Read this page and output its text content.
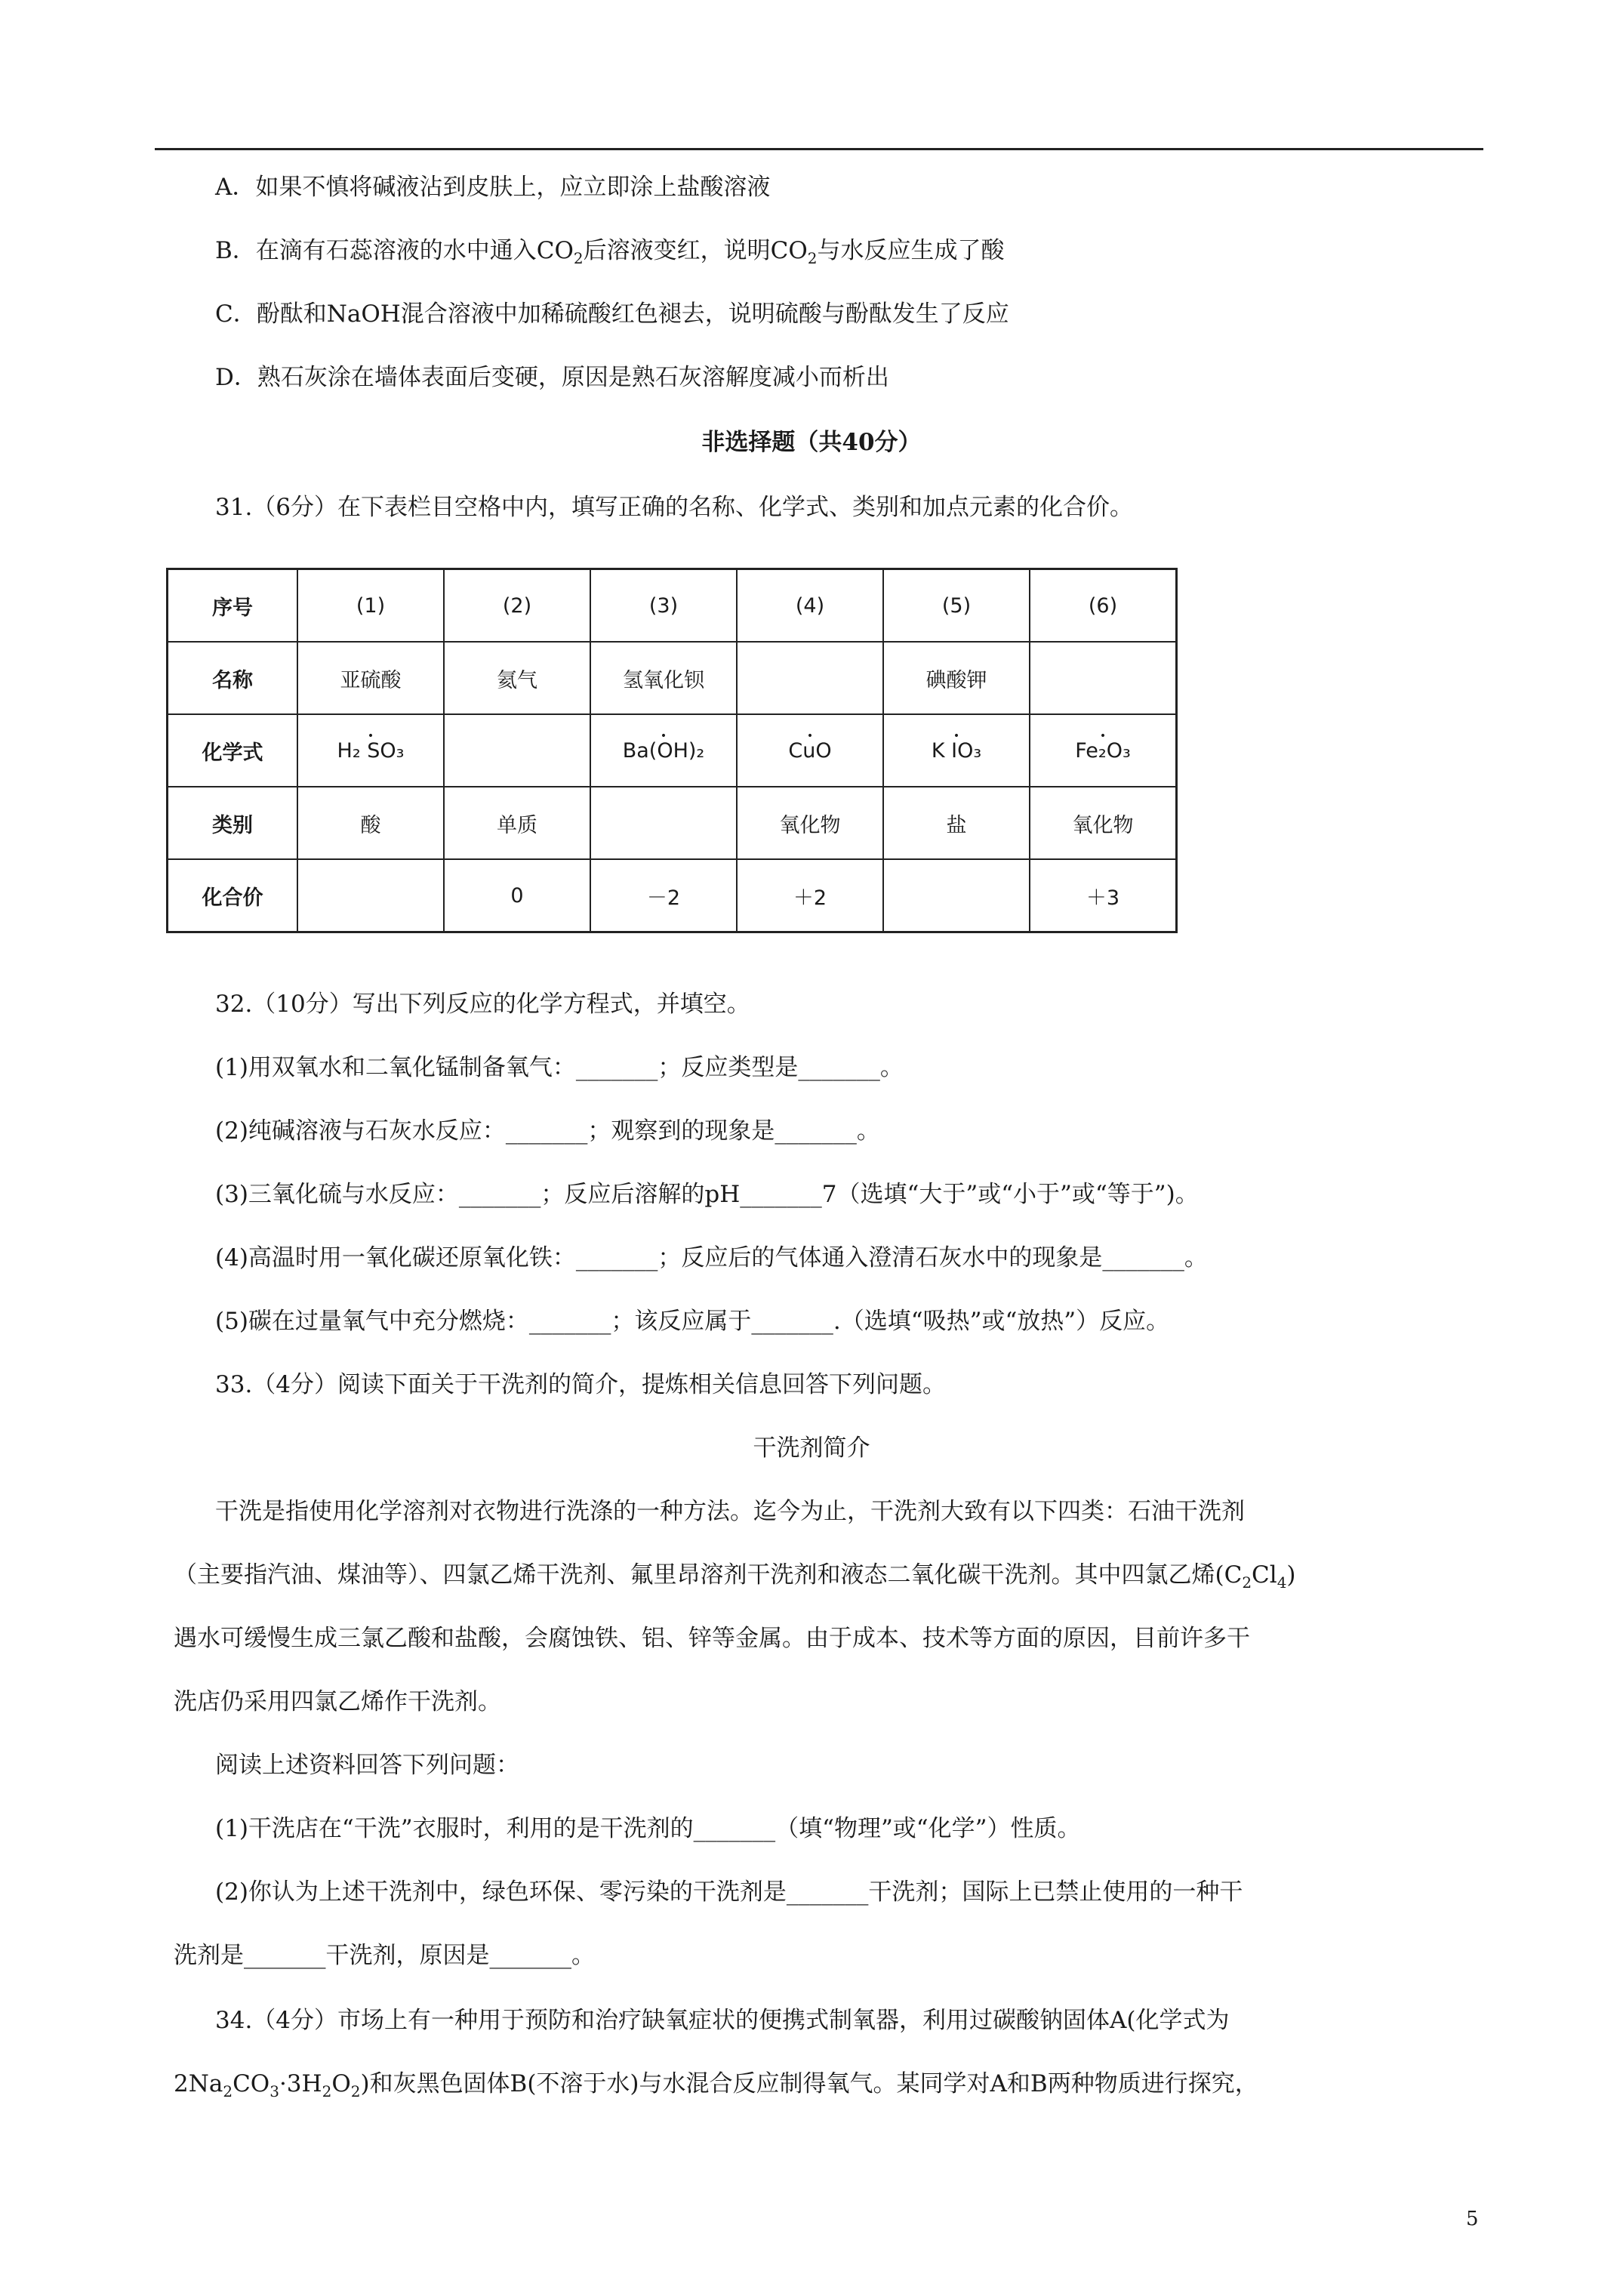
A．如果不慎将碱液沾到皮肤上，应立即涂上盐酸溶液
B．在滴有石蕊溶液的水中通入$CO_2$后溶液变红，说明$CO_2$与水反应生成了酸
C．酚酞和NaOH混合溶液中加稀硫酸红色褪去，说明硫酸与酚酞发生了反应
D．熟石灰涂在墙体表面后变硬，原因是熟石灰溶解度减小而析出
非选择题（共40分）
31.（6分）在下表栏目空格中内，填写正确的名称、化学式、类别和加点元素的化合价。
序号	(1)	(2)	(3)	(4)	(5)	(6)
名称	亚硫酸	氦气	氢氧化钡		碘酸钾	
化学式	H₂ SO₃ •		Ba(OH)₂ •	CuO •	K IO₃ •	Fe₂O₃ •
类别	酸	单质		氧化物	盐	氧化物
化合价		0	－2	＋2		＋3
32.（10分）写出下列反应的化学方程式，并填空。
(1)用双氧水和二氧化锰制备氧气：_______；反应类型是_______。
(2)纯碱溶液与石灰水反应：_______；观察到的现象是_______。
(3)三氧化硫与水反应：_______；反应后溶解的pH_______7（选填“大于”或“小于”或“等于”)。
(4)高温时用一氧化碳还原氧化铁：_______；反应后的气体通入澄清石灰水中的现象是_______。
(5)碳在过量氧气中充分燃烧：_______；该反应属于_______.（选填“吸热”或“放热”）反应。
33.（4分）阅读下面关于干洗剂的简介，提炼相关信息回答下列问题。
干洗剂简介
干洗是指使用化学溶剂对衣物进行洗涤的一种方法。迄今为止，干洗剂大致有以下四类：石油干洗剂
（主要指汽油、煤油等）、四氯乙烯干洗剂、氟里昂溶剂干洗剂和液态二氧化碳干洗剂。其中四氯乙烯$(C_2Cl_4)$
遇水可缓慢生成三氯乙酸和盐酸，会腐蚀铁、铝、锌等金属。由于成本、技术等方面的原因，目前许多干
洗店仍采用四氯乙烯作干洗剂。
阅读上述资料回答下列问题：
(1)干洗店在“干洗”衣服时，利用的是干洗剂的_______（填“物理”或“化学”）性质。
(2)你认为上述干洗剂中，绿色环保、零污染的干洗剂是_______干洗剂；国际上已禁止使用的一种干
洗剂是_______干洗剂，原因是_______。
34.（4分）市场上有一种用于预防和治疗缺氧症状的便携式制氧器，利用过碳酸钠固体A(化学式为
$2Na_2CO_3\cdot 3H_2O_2$)和灰黑色固体B(不溶于水)与水混合反应制得氧气。某同学对A和B两种物质进行探究，
5
